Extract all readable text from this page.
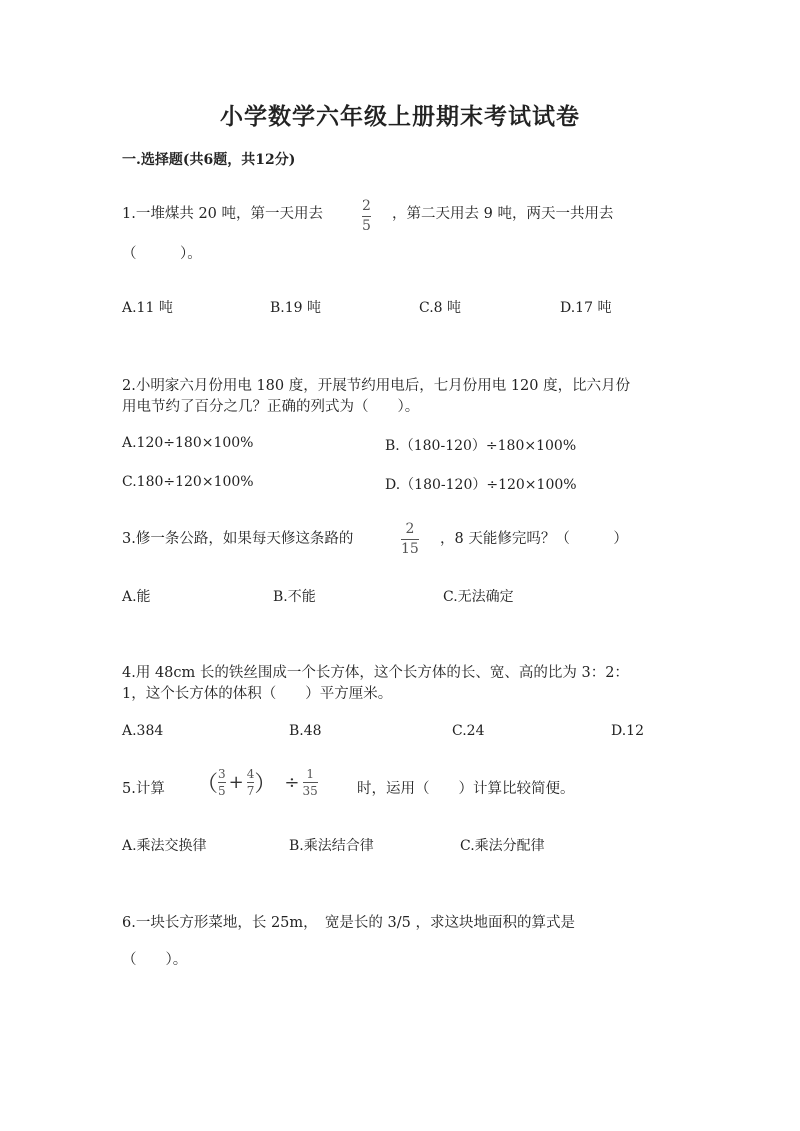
小学数学六年级上册期末考试试卷
一.选择题(共6题，共12分)
1.一堆煤共 20 吨，第一天用去	2
5
，第二天用去 9 吨，两天一共用去
（　　　）。
A.11 吨	B.19 吨	C.8 吨	D.17 吨
2.小明家六月份用电 180 度，开展节约用电后，七月份用电 120 度，比六月份
用电节约了百分之几？正确的列式为（　　）。
A.120÷180×100%	B.（180-120）÷180×100%
C.180÷120×100%	D.（180-120）÷120×100%
3.修一条公路，如果每天修这条路的
2
15
，8 天能修完吗？（　　　）
A.能	B.不能	C.无法确定
4.用 48cm 长的铁丝围成一个长方体，这个长方体的长、宽、高的比为 3：2：
1，这个长方体的体积（　　）平方厘米。
A.384	B.48	C.24	D.12
5.计算 （ $\frac{3}{5} + \frac{4}{7}$ ） ÷ $\frac{1}{35}$	时，运用（　　）计算比较简便。
A.乘法交换律	B.乘法结合律	C.乘法分配律
6.一块长方形菜地，长 25m，　宽是长的 3/5 ，求这块地面积的算式是
（　　）。
